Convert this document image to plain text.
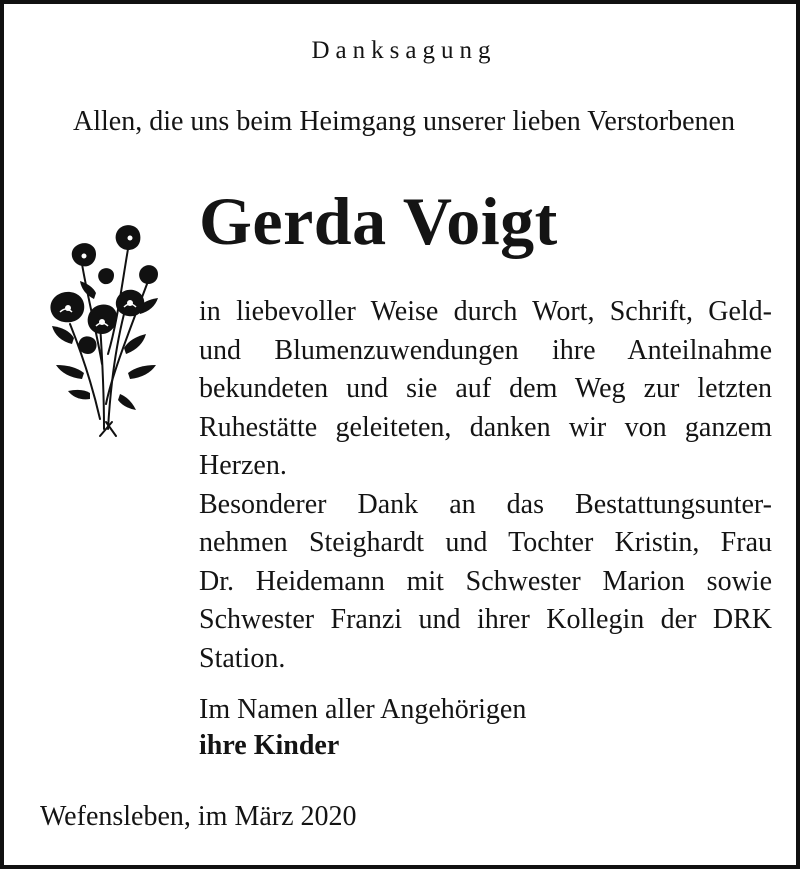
Danksagung
Allen, die uns beim Heimgang unserer lieben Verstorbenen
Gerda Voigt
in liebevoller Weise durch Wort, Schrift, Geld-
und Blumenzuwendungen ihre Anteilnahme
bekundeten und sie auf dem Weg zur letzten
Ruhestätte geleiteten, danken wir von ganzem
Herzen.
Besonderer Dank an das Bestattungsunter-
nehmen Steighardt und Tochter Kristin, Frau
Dr. Heidemann mit Schwester Marion sowie
Schwester Franzi und ihrer Kollegin der DRK
Station.
Im Namen aller Angehörigen
ihre Kinder
Wefensleben, im März 2020
